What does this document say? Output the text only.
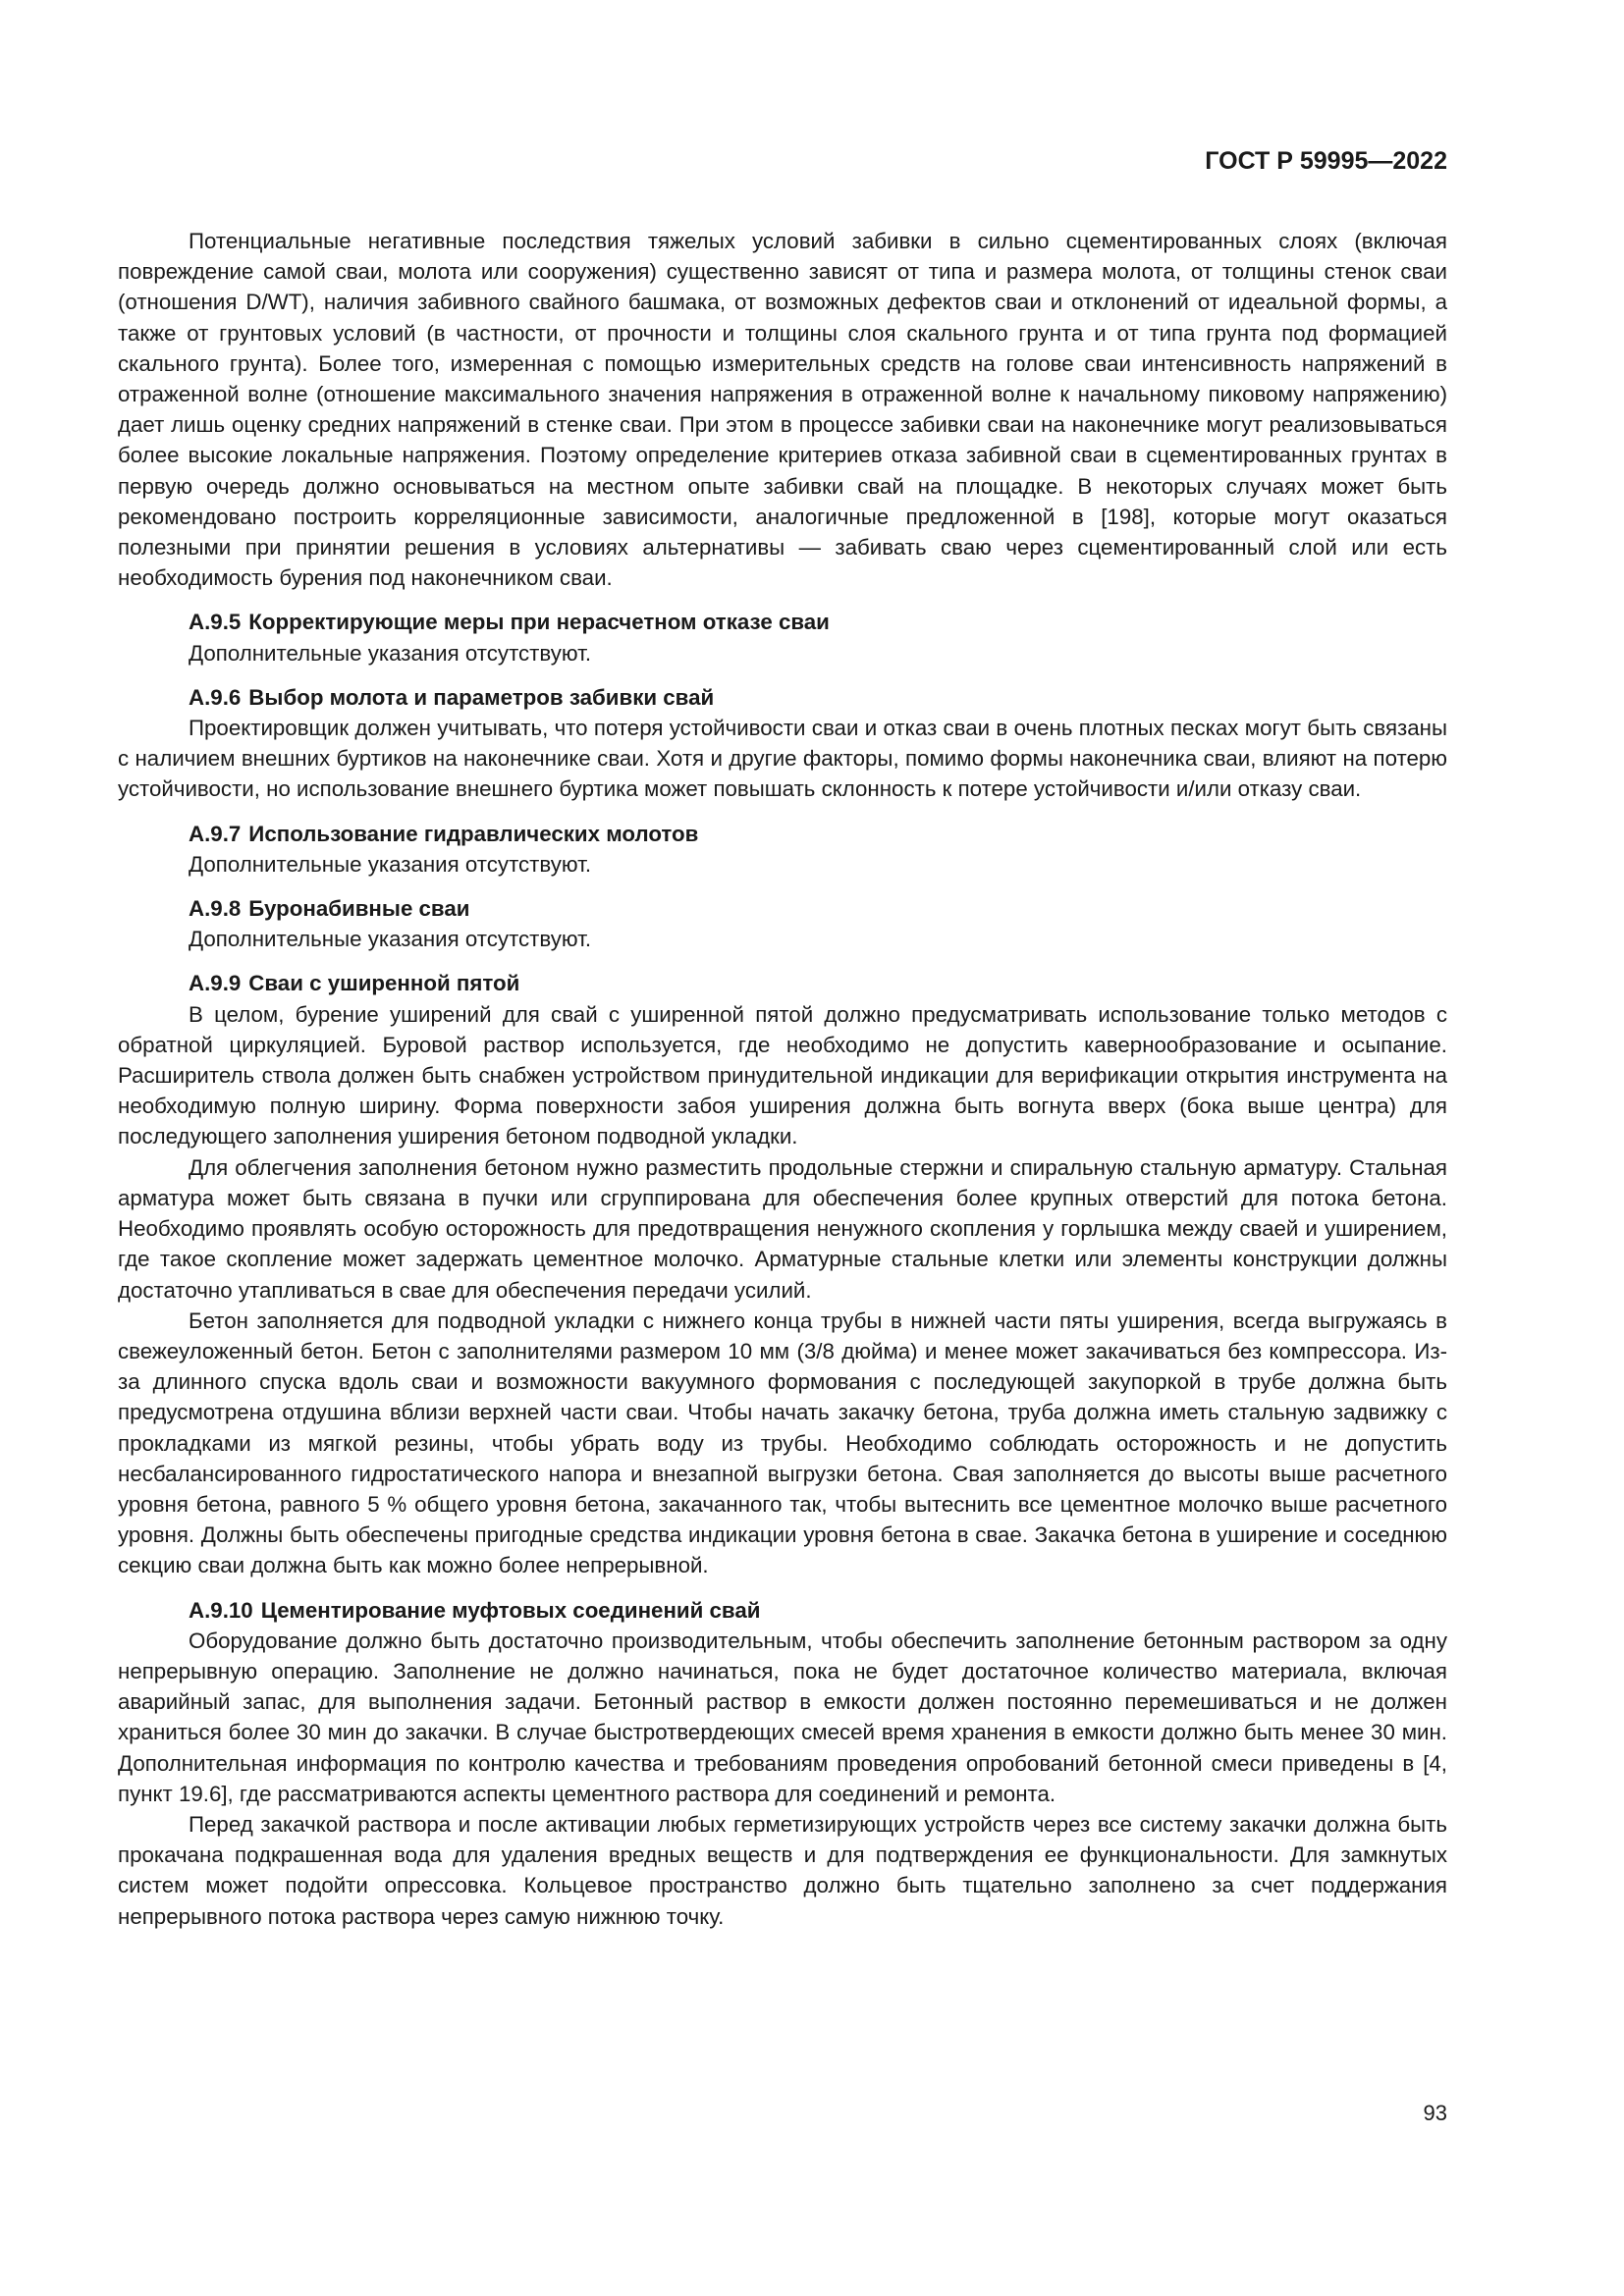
ГОСТ Р 59995—2022

Потенциальные негативные последствия тяжелых условий забивки в сильно сцементированных слоях (включая повреждение самой сваи, молота или сооружения) существенно зависят от типа и размера молота, от толщины стенок сваи (отношения D/WT), наличия забивного свайного башмака, от возможных дефектов сваи и отклонений от идеальной формы, а также от грунтовых условий (в частности, от прочности и толщины слоя скального грунта и от типа грунта под формацией скального грунта). Более того, измеренная с помощью измерительных средств на голове сваи интенсивность напряжений в отраженной волне (отношение максимального значения напряжения в отраженной волне к начальному пиковому напряжению) дает лишь оценку средних напряжений в стенке сваи. При этом в процессе забивки сваи на наконечнике могут реализовываться более высокие локальные напряжения. Поэтому определение критериев отказа забивной сваи в сцементированных грунтах в первую очередь должно основываться на местном опыте забивки свай на площадке. В некоторых случаях может быть рекомендовано построить корреляционные зависимости, аналогичные предложенной в [198], которые могут оказаться полезными при принятии решения в условиях альтернативы — забивать сваю через сцементированный слой или есть необходимость бурения под наконечником сваи.

А.9.5 Корректирующие меры при нерасчетном отказе сваи

Дополнительные указания отсутствуют.

А.9.6 Выбор молота и параметров забивки свай

Проектировщик должен учитывать, что потеря устойчивости сваи и отказ сваи в очень плотных песках могут быть связаны с наличием внешних буртиков на наконечнике сваи. Хотя и другие факторы, помимо формы наконечника сваи, влияют на потерю устойчивости, но использование внешнего буртика может повышать склонность к потере устойчивости и/или отказу сваи.

А.9.7 Использование гидравлических молотов

Дополнительные указания отсутствуют.

А.9.8 Буронабивные сваи

Дополнительные указания отсутствуют.

А.9.9 Сваи с уширенной пятой

В целом, бурение уширений для свай с уширенной пятой должно предусматривать использование только методов с обратной циркуляцией. Буровой раствор используется, где необходимо не допустить кавернообразование и осыпание. Расширитель ствола должен быть снабжен устройством принудительной индикации для верификации открытия инструмента на необходимую полную ширину. Форма поверхности забоя уширения должна быть вогнута вверх (бока выше центра) для последующего заполнения уширения бетоном подводной укладки.

Для облегчения заполнения бетоном нужно разместить продольные стержни и спиральную стальную арматуру. Стальная арматура может быть связана в пучки или сгруппирована для обеспечения более крупных отверстий для потока бетона. Необходимо проявлять особую осторожность для предотвращения ненужного скопления у горлышка между сваей и уширением, где такое скопление может задержать цементное молочко. Арматурные стальные клетки или элементы конструкции должны достаточно утапливаться в свае для обеспечения передачи усилий.

Бетон заполняется для подводной укладки с нижнего конца трубы в нижней части пяты уширения, всегда выгружаясь в свежеуложенный бетон. Бетон с заполнителями размером 10 мм (3/8 дюйма) и менее может закачиваться без компрессора. Из-за длинного спуска вдоль сваи и возможности вакуумного формования с последующей закупоркой в трубе должна быть предусмотрена отдушина вблизи верхней части сваи. Чтобы начать закачку бетона, труба должна иметь стальную задвижку с прокладками из мягкой резины, чтобы убрать воду из трубы. Необходимо соблюдать осторожность и не допустить несбалансированного гидростатического напора и внезапной выгрузки бетона. Свая заполняется до высоты выше расчетного уровня бетона, равного 5 % общего уровня бетона, закачанного так, чтобы вытеснить все цементное молочко выше расчетного уровня. Должны быть обеспечены пригодные средства индикации уровня бетона в свае. Закачка бетона в уширение и соседнюю секцию сваи должна быть как можно более непрерывной.

А.9.10 Цементирование муфтовых соединений свай

Оборудование должно быть достаточно производительным, чтобы обеспечить заполнение бетонным раствором за одну непрерывную операцию. Заполнение не должно начинаться, пока не будет достаточное количество материала, включая аварийный запас, для выполнения задачи. Бетонный раствор в емкости должен постоянно перемешиваться и не должен храниться более 30 мин до закачки. В случае быстротвердеющих смесей время хранения в емкости должно быть менее 30 мин. Дополнительная информация по контролю качества и требованиям проведения опробований бетонной смеси приведены в [4, пункт 19.6], где рассматриваются аспекты цементного раствора для соединений и ремонта.

Перед закачкой раствора и после активации любых герметизирующих устройств через все систему закачки должна быть прокачана подкрашенная вода для удаления вредных веществ и для подтверждения ее функциональности. Для замкнутых систем может подойти опрессовка. Кольцевое пространство должно быть тщательно заполнено за счет поддержания непрерывного потока раствора через самую нижнюю точку.

93
